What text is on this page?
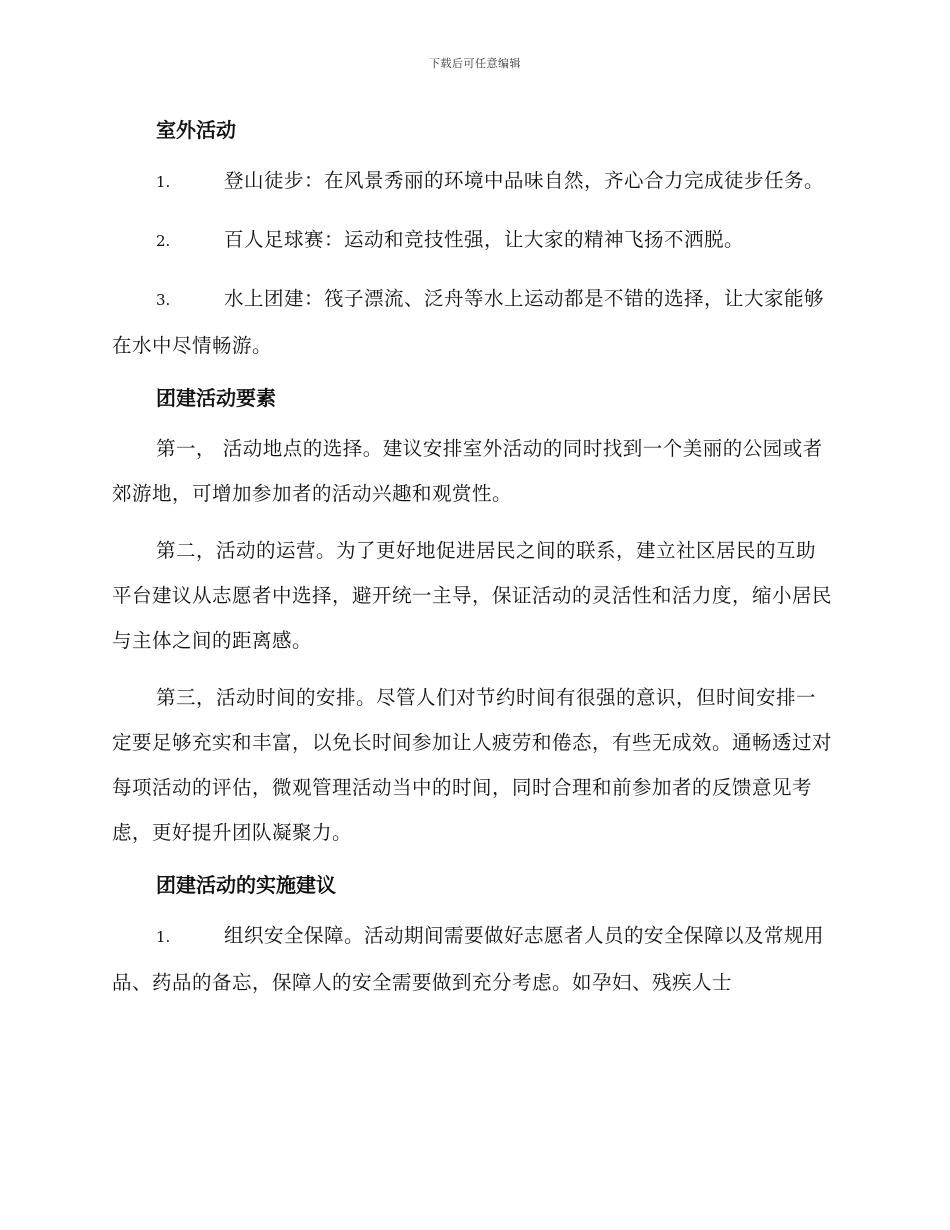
下载后可任意编辑
室外活动

1.	登山徒步：在风景秀丽的环境中品味自然，齐心合力完成徒步任务。

2.	百人足球赛：运动和竞技性强，让大家的精神飞扬不洒脱。

3.	水上团建：筏子漂流、泛舟等水上运动都是不错的选择，让大家能够在水中尽情畅游。

团建活动要素

第一， 活动地点的选择。建议安排室外活动的同时找到一个美丽的公园或者郊游地，可增加参加者的活动兴趣和观赏性。

第二，活动的运营。为了更好地促进居民之间的联系，建立社区居民的互助平台建议从志愿者中选择，避开统一主导，保证活动的灵活性和活力度，缩小居民与主体之间的距离感。

第三，活动时间的安排。尽管人们对节约时间有很强的意识，但时间安排一定要足够充实和丰富，以免长时间参加让人疲劳和倦态，有些无成效。通畅透过对每项活动的评估，微观管理活动当中的时间，同时合理和前参加者的反馈意见考虑，更好提升团队凝聚力。

团建活动的实施建议

1.	组织安全保障。活动期间需要做好志愿者人员的安全保障以及常规用品、药品的备忘，保障人的安全需要做到充分考虑。如孕妇、残疾人士
